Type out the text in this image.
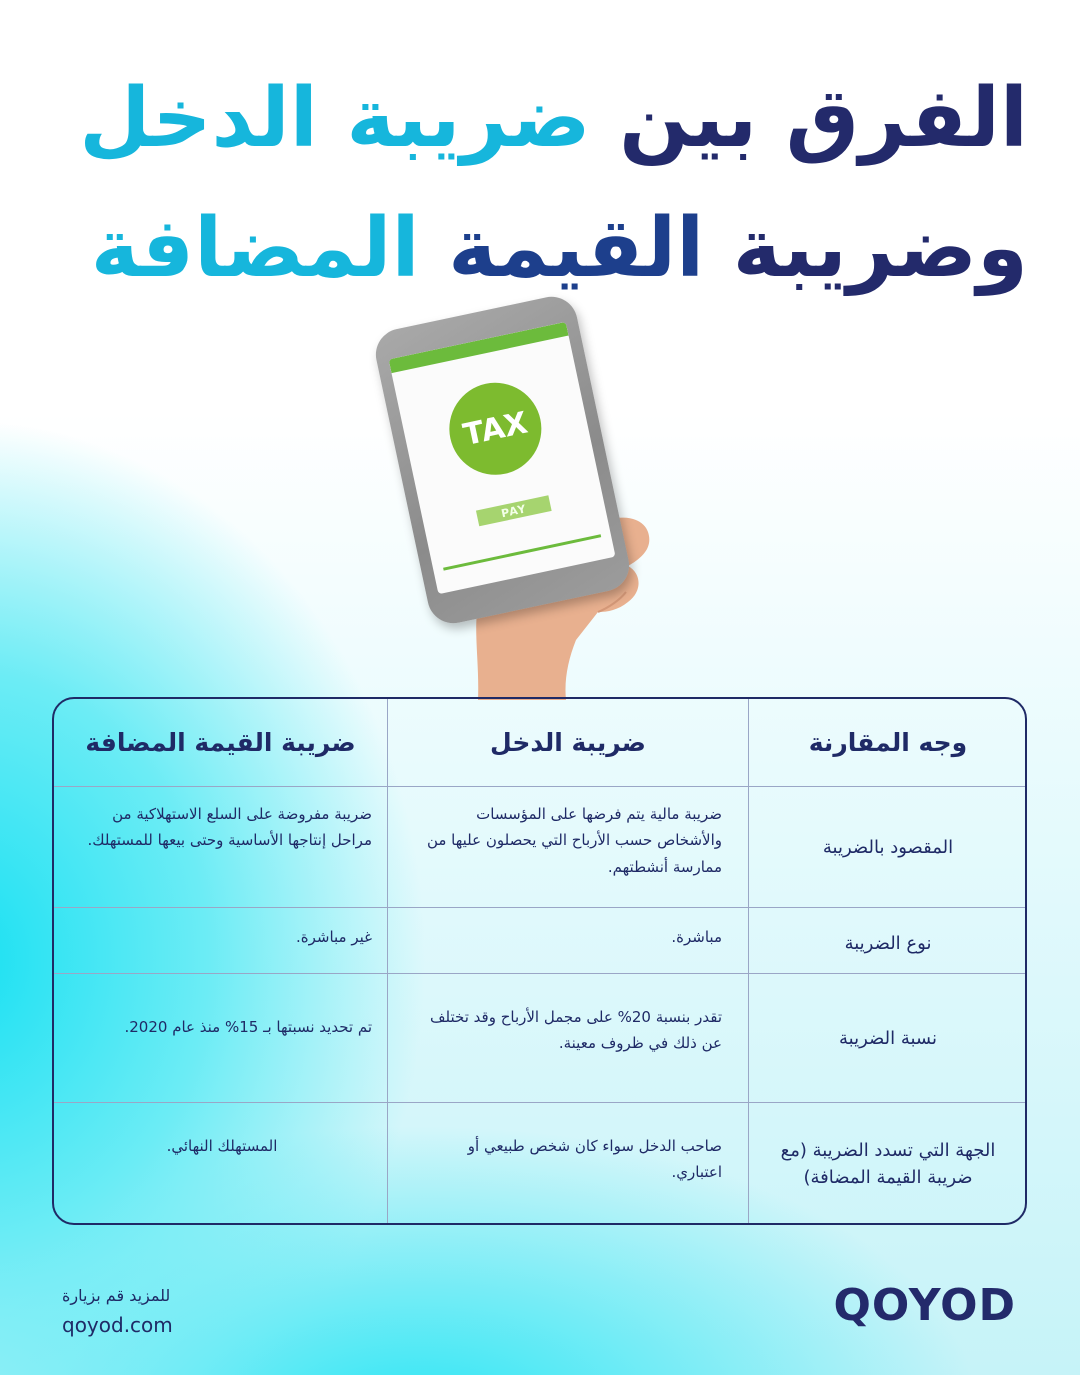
الفرق بين ضريبة الدخل
وضريبة القيمة المضافة
TAX
PAY
وجه المقارنة
ضريبة الدخل
ضريبة القيمة المضافة
المقصود بالضريبة
ضريبة مالية يتم فرضها على المؤسسات والأشخاص حسب الأرباح التي يحصلون عليها من ممارسة أنشطتهم.
ضريبة مفروضة على السلع الاستهلاكية من مراحل إنتاجها الأساسية وحتى بيعها للمستهلك.
نوع الضريبة
مباشرة.
غير مباشرة.
نسبة الضريبة
تقدر بنسبة 20% على مجمل الأرباح وقد تختلف عن ذلك في ظروف معينة.
تم تحديد نسبتها بـ 15% منذ عام 2020.
الجهة التي تسدد الضريبة (مع ضريبة القيمة المضافة)
صاحب الدخل سواء كان شخص طبيعي أو اعتباري.
المستهلك النهائي.
للمزيد قم بزيارة
qoyod.com	QOYOD
